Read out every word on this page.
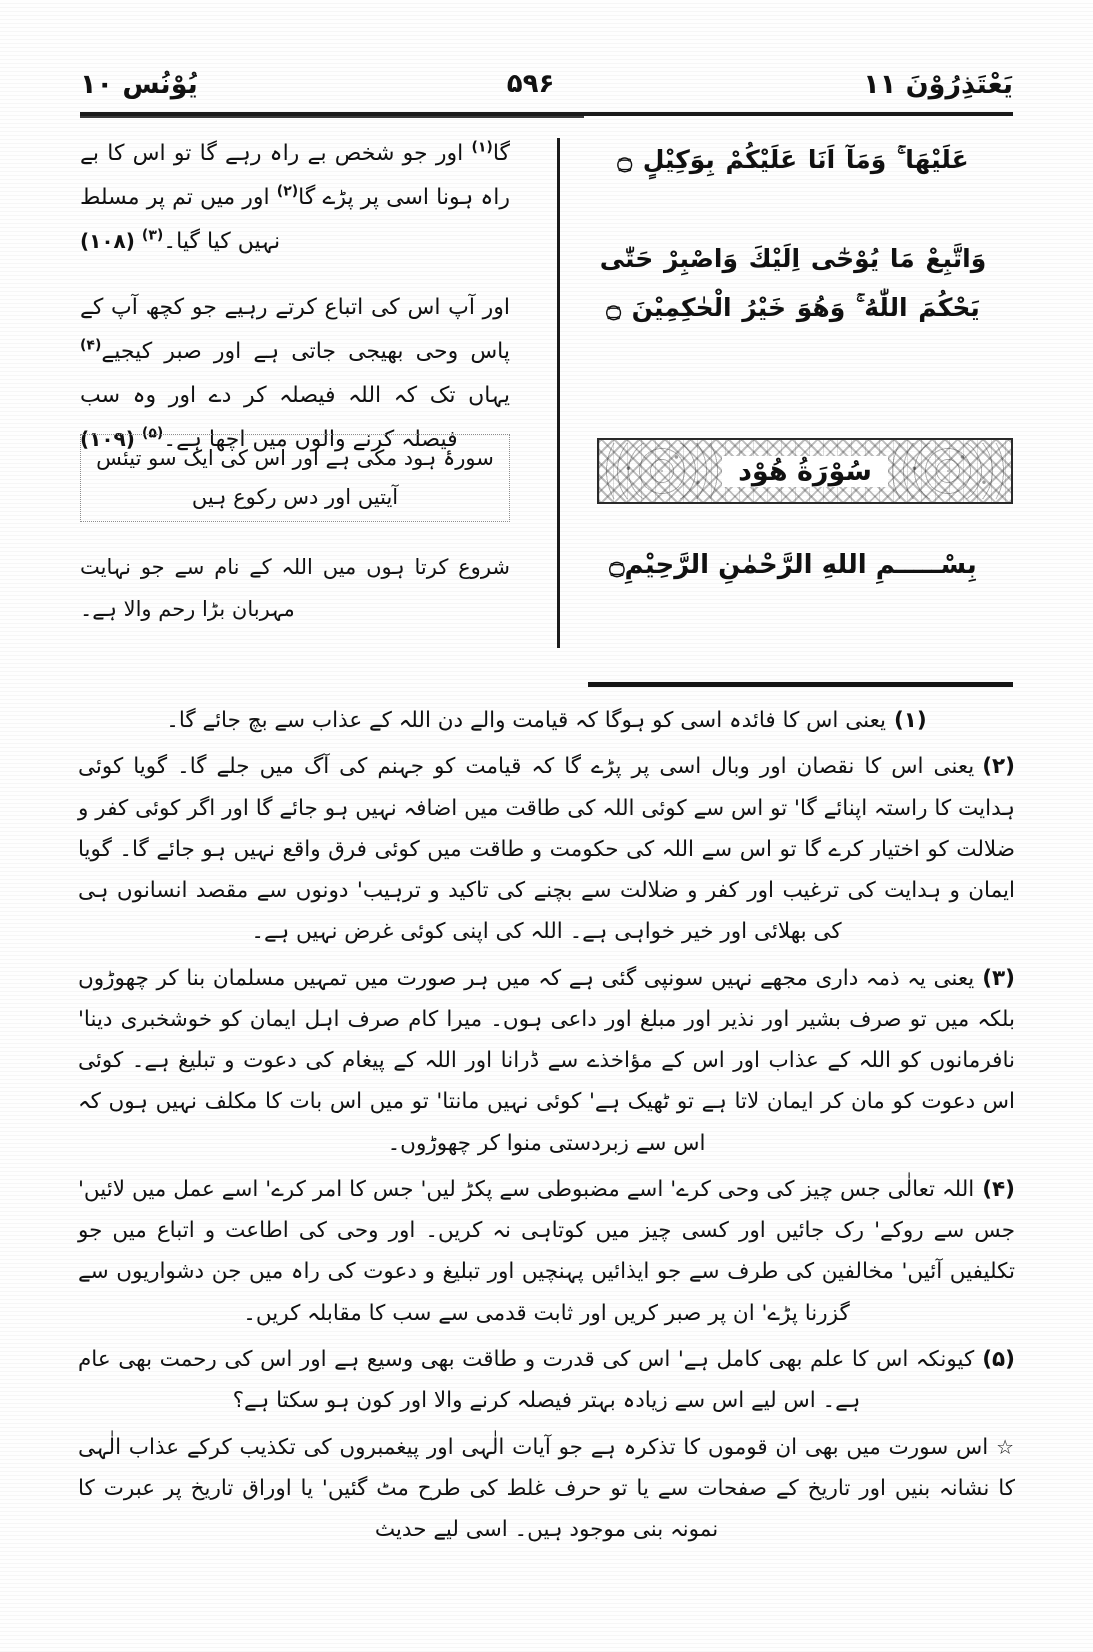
يَعْتَذِرُوْنَ ١١
۵۹۶
يُوْنُس ١٠
عَلَيْهَا ۚ وَمَآ اَنَا عَلَيْكُمْ بِوَكِيْلٍ ۝
وَاتَّبِعْ مَا يُوْحٰٓى اِلَيْكَ وَاصْبِرْ حَتّٰى يَحْكُمَ اللّٰهُ ۚ وَهُوَ خَيْرُ الْحٰكِمِيْنَ ۝
گا$^{(۱)}$ اور جو شخص بے راہ رہے گا تو اس کا بے راہ ہونا اسی پر پڑے گا$^{(۲)}$ اور میں تم پر مسلط نہیں کیا گیا۔$^{(۳)}$ (۱۰۸)
اور آپ اس کی اتباع کرتے رہیے جو کچھ آپ کے پاس وحی بھیجی جاتی ہے اور صبر کیجیے$^{(۴)}$ یہاں تک کہ اللہ فیصلہ کر دے اور وہ سب فیصلہ کرنے والوں میں اچھا ہے۔$^{(۵)}$ (۱۰۹)
سُوْرَةُ هُوْد
سورۂ ہود مکی ہے اور اس کی ایک سو تیئس آیتیں اور دس رکوع ہیں
بِسْـــــمِ اللهِ الرَّحْمٰنِ الرَّحِيْمِ۝
شروع کرتا ہوں میں اللہ کے نام سے جو نہایت مہربان بڑا رحم والا ہے۔

(۱)یعنی اس کا فائدہ اسی کو ہوگا کہ قیامت والے دن اللہ کے عذاب سے بچ جائے گا۔

(۲)یعنی اس کا نقصان اور وبال اسی پر پڑے گا کہ قیامت کو جہنم کی آگ میں جلے گا۔ گویا کوئی ہدایت کا راستہ اپنائے گا' تو اس سے کوئی اللہ کی طاقت میں اضافہ نہیں ہو جائے گا اور اگر کوئی کفر و ضلالت کو اختیار کرے گا تو اس سے اللہ کی حکومت و طاقت میں کوئی فرق واقع نہیں ہو جائے گا۔ گویا ایمان و ہدایت کی ترغیب اور کفر و ضلالت سے بچنے کی تاکید و ترہیب' دونوں سے مقصد انسانوں ہی کی بھلائی اور خیر خواہی ہے۔ اللہ کی اپنی کوئی غرض نہیں ہے۔

(۳)یعنی یہ ذمہ داری مجھے نہیں سونپی گئی ہے کہ میں ہر صورت میں تمہیں مسلمان بنا کر چھوڑوں بلکہ میں تو صرف بشیر اور نذیر اور مبلغ اور داعی ہوں۔ میرا کام صرف اہل ایمان کو خوشخبری دینا' نافرمانوں کو اللہ کے عذاب اور اس کے مؤاخذے سے ڈرانا اور اللہ کے پیغام کی دعوت و تبلیغ ہے۔ کوئی اس دعوت کو مان کر ایمان لاتا ہے تو ٹھیک ہے' کوئی نہیں مانتا' تو میں اس بات کا مکلف نہیں ہوں کہ اس سے زبردستی منوا کر چھوڑوں۔

(۴)اللہ تعالٰی جس چیز کی وحی کرے' اسے مضبوطی سے پکڑ لیں' جس کا امر کرے' اسے عمل میں لائیں' جس سے روکے' رک جائیں اور کسی چیز میں کوتاہی نہ کریں۔ اور وحی کی اطاعت و اتباع میں جو تکلیفیں آئیں' مخالفین کی طرف سے جو ایذائیں پہنچیں اور تبلیغ و دعوت کی راہ میں جن دشواریوں سے گزرنا پڑے' ان پر صبر کریں اور ثابت قدمی سے سب کا مقابلہ کریں۔

(۵)کیونکہ اس کا علم بھی کامل ہے' اس کی قدرت و طاقت بھی وسیع ہے اور اس کی رحمت بھی عام ہے۔ اس لیے اس سے زیادہ بہتر فیصلہ کرنے والا اور کون ہو سکتا ہے؟

☆اس سورت میں بھی ان قوموں کا تذکرہ ہے جو آیات الٰہی اور پیغمبروں کی تکذیب کرکے عذاب الٰہی کا نشانہ بنیں اور تاریخ کے صفحات سے یا تو حرف غلط کی طرح مٹ گئیں' یا اوراق تاریخ پر عبرت کا نمونہ بنی موجود ہیں۔ اسی لیے حدیث
